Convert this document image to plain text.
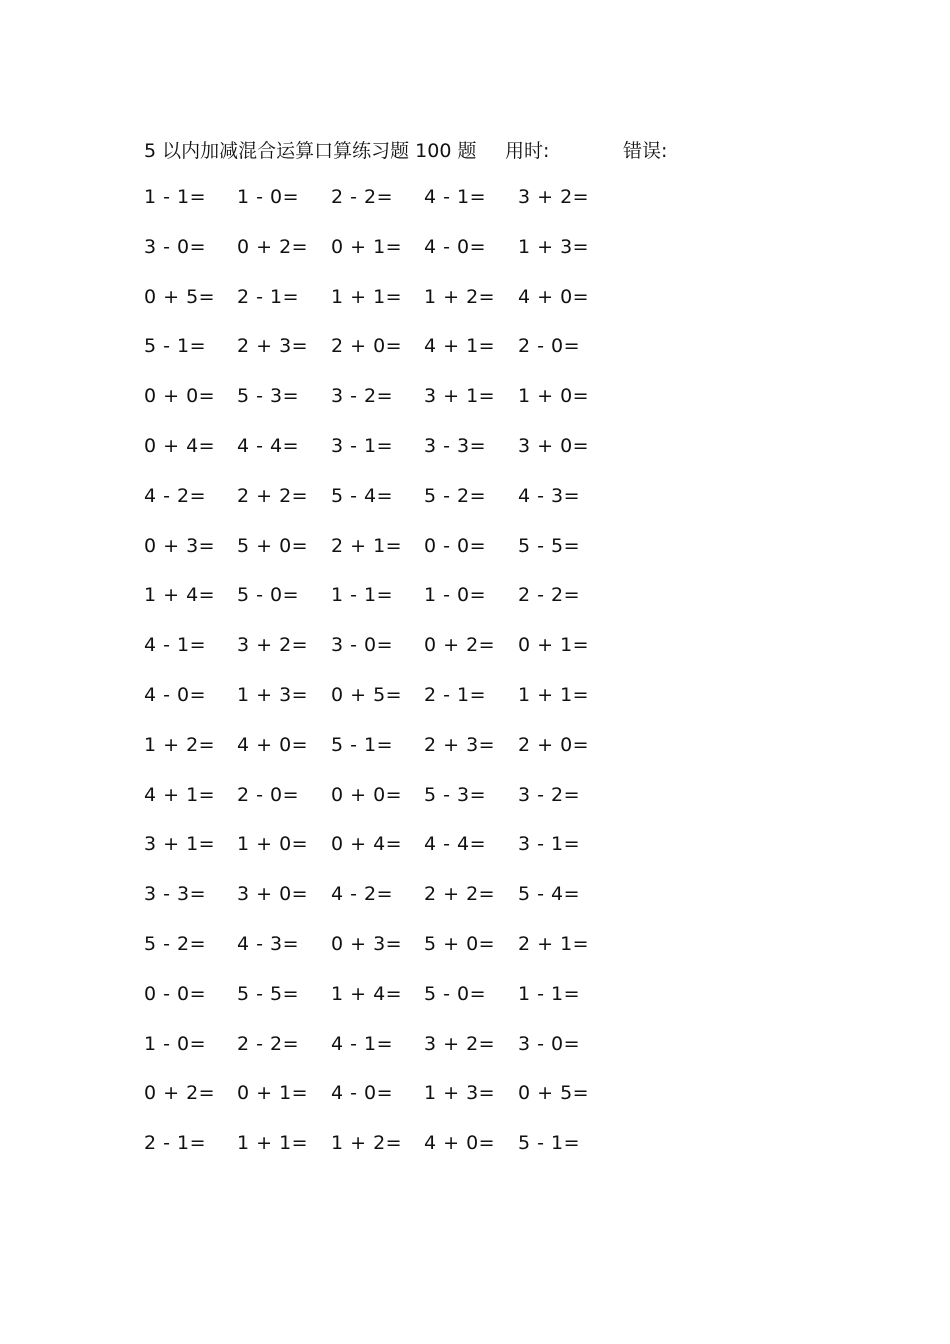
5 以内加减混合运算口算练习题 100 题 用时:	错误:
1 - 1= 1 - 0= 2 - 2= 4 - 1= 3 + 2=
3 - 0= 0 + 2= 0 + 1= 4 - 0= 1 + 3=
0 + 5= 2 - 1= 1 + 1= 1 + 2= 4 + 0=
5 - 1= 2 + 3= 2 + 0= 4 + 1= 2 - 0=
0 + 0= 5 - 3= 3 - 2= 3 + 1= 1 + 0=
0 + 4= 4 - 4= 3 - 1= 3 - 3= 3 + 0=
4 - 2= 2 + 2= 5 - 4= 5 - 2= 4 - 3=
0 + 3= 5 + 0= 2 + 1= 0 - 0= 5 - 5=
1 + 4= 5 - 0= 1 - 1= 1 - 0= 2 - 2=
4 - 1= 3 + 2= 3 - 0= 0 + 2= 0 + 1=
4 - 0= 1 + 3= 0 + 5= 2 - 1= 1 + 1=
1 + 2= 4 + 0= 5 - 1= 2 + 3= 2 + 0=
4 + 1= 2 - 0= 0 + 0= 5 - 3= 3 - 2=
3 + 1= 1 + 0= 0 + 4= 4 - 4= 3 - 1=
3 - 3= 3 + 0= 4 - 2= 2 + 2= 5 - 4=
5 - 2= 4 - 3= 0 + 3= 5 + 0= 2 + 1=
0 - 0= 5 - 5= 1 + 4= 5 - 0= 1 - 1=
1 - 0= 2 - 2= 4 - 1= 3 + 2= 3 - 0=
0 + 2= 0 + 1= 4 - 0= 1 + 3= 0 + 5=
2 - 1= 1 + 1= 1 + 2= 4 + 0= 5 - 1=
